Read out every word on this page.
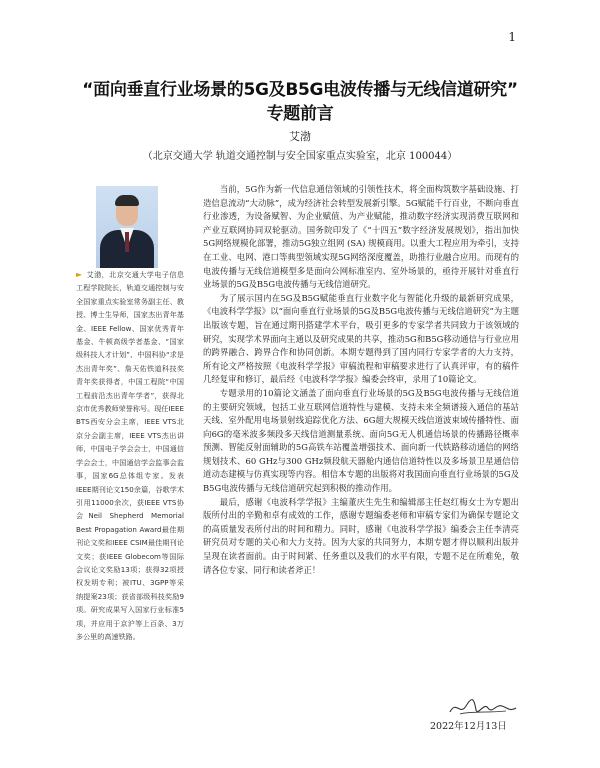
1
“面向垂直行业场景的5G及B5G电波传播与无线信道研究”
专题前言
艾渤
（北京交通大学 轨道交通控制与安全国家重点实验室，北京 100044）
► 艾渤，北京交通大学电子信息工程学院院长，轨道交通控制与安全国家重点实验室常务副主任、教授、博士生导师，国家杰出青年基金、IEEE Fellow、国家优秀青年基金、牛顿高级学者基金、“国家级科技人才计划”、中国科协“求是杰出青年奖”、詹天佑铁道科技奖青年奖获得者，中国工程院“中国工程前沿杰出青年学者”，获得北京市优秀教师荣誉称号。现任IEEE BTS西安分会主席，IEEE VTS北京分会副主席，IEEE VTS杰出讲师，中国电子学会会士，中国通信学会会士，中国通信学会监事会监事，国家6G总体组专家。发表IEEE期刊论文150余篇，谷歌学术引用11000余次，获IEEE VTS协会Neil Shepherd Memorial Best Propagation Award最佳期刊论文奖和IEEE CSIM最佳期刊论文奖；获IEEE Globecom等国际会议论文奖励13项；获得32项授权发明专利；被ITU、3GPP等采纳提案23项；获省部级科技奖励9项。研究成果写入国家行业标准5项，并应用于京沪等上百条、3万多公里的高速铁路。

当前，5G作为新一代信息通信领域的引领性技术，将全面构筑数字基础设施、打造信息流动“大动脉”，成为经济社会转型发展新引擎。5G赋能千行百业，不断向垂直行业渗透，为设备赋智、为企业赋值、为产业赋能，推动数字经济实现消费互联网和产业互联网协同双轮驱动。国务院印发了《“十四五”数字经济发展规划》，指出加快5G网络规模化部署，推动5G独立组网 (SA) 规模商用。以重大工程应用为牵引，支持在工业、电网、港口等典型领域实现5G网络深度覆盖，助推行业融合应用。而现有的电波传播与无线信道模型多是面向公网标准室内、室外场景的，亟待开展针对垂直行业场景的5G及B5G电波传播与无线信道研究。

为了展示国内在5G及B5G赋能垂直行业数字化与智能化升级的最新研究成果，《电波科学学报》以“面向垂直行业场景的5G及B5G电波传播与无线信道研究”为主题出版该专题，旨在通过期刊搭建学术平台，吸引更多的专家学者共同致力于该领域的研究，实现学术界面向主通以及研究成果的共享，推动5G和B5G移动通信与行业应用的跨界融合、跨界合作和协同创新。本期专题得到了国内同行专家学者的大力支持，所有论文严格按照《电波科学学报》审稿流程和审稿要求进行了认真评审，有的稿件几经复审和修订，最后经《电波科学学报》编委会终审，录用了10篇论文。

专题录用的10篇论文涵盖了面向垂直行业场景的5G及B5G电波传播与无线信道的主要研究领域，包括工业互联网信道特性与建模、支持未来全频谱接入通信的基站天线、室外配用电场景射线追踪优化方法、6G超大规模天线信道波束域传播特性、面向6G的毫米波多频段多天线信道测量系统、面向5G无人机通信场景的传播路径概率预测、智能反射面辅助的5G高铁车站覆盖增强技术、面向新一代铁路移动通信的网络规划技术、60 GHz与300 GHz频段航天器舱内通信信道特性以及多场景卫星通信信道动态建模与仿真实现等内容。相信本专题的出版将对我国面向垂直行业场景的5G及B5G电波传播与无线信道研究起到积极的推动作用。

最后，感谢《电波科学学报》主编董庆生先生和编辑部主任赵红梅女士为专题出版所付出的辛勤和卓有成效的工作，感谢专题编委老师和审稿专家们为确保专题论文的高质量发表所付出的时间和精力。同时，感谢《电波科学学报》编委会主任李清亮研究员对专题的关心和大力支持。因为大家的共同努力，本期专题才得以顺利出版并呈现在读者面前。由于时间紧、任务重以及我们的水平有限，专题不足在所难免，敬请各位专家、同行和读者斧正！

2022年12月13日
